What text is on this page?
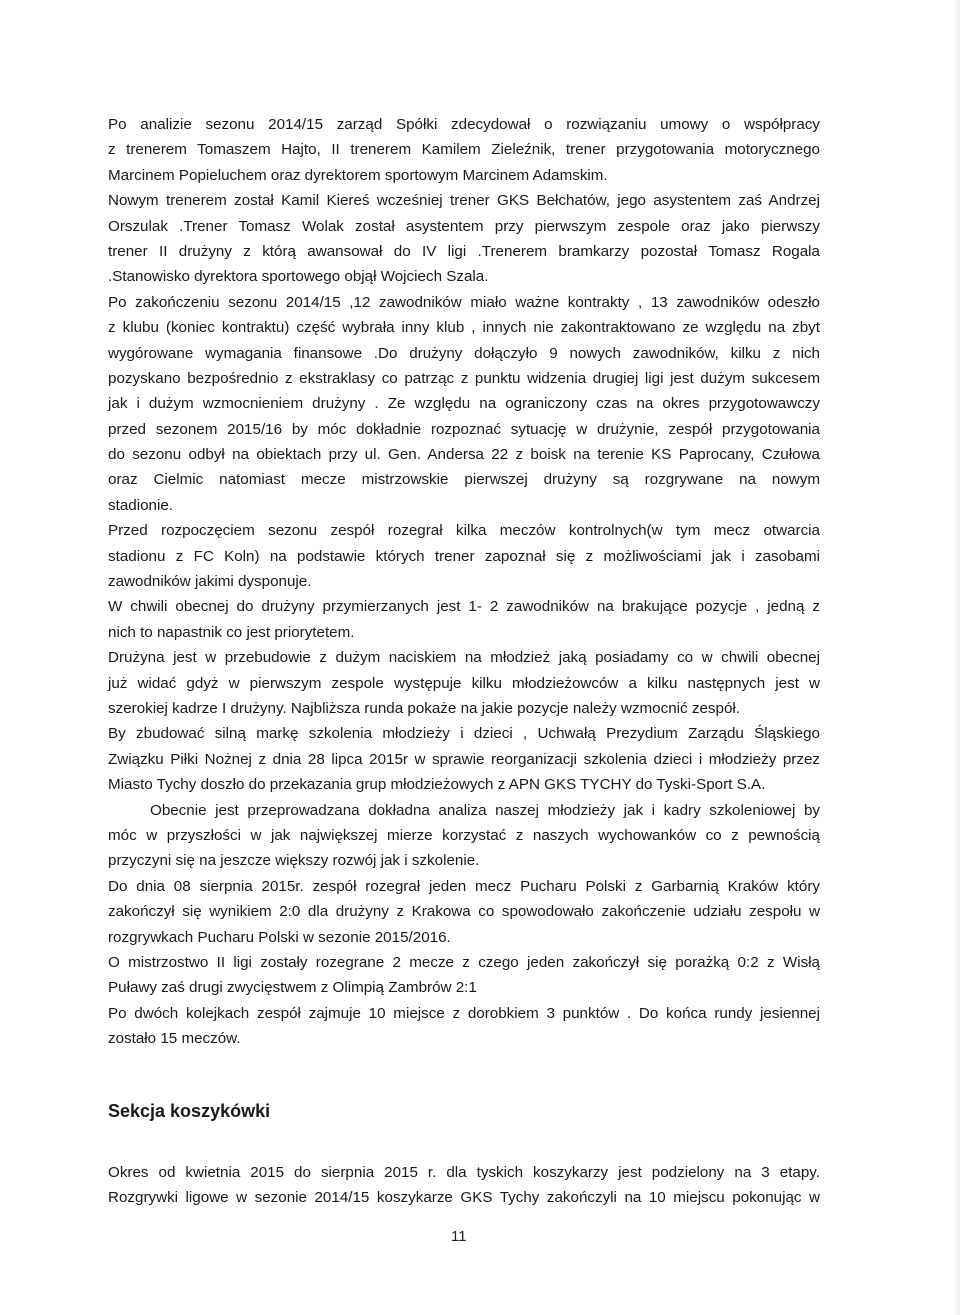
Po analizie sezonu 2014/15 zarząd Spółki zdecydował o rozwiązaniu umowy o współpracy
z trenerem Tomaszem Hajto, II trenerem Kamilem Zieleźnik, trener przygotowania motorycznego
Marcinem Popieluchem oraz dyrektorem sportowym Marcinem Adamskim.
Nowym trenerem został Kamil Kiereś wcześniej trener GKS Bełchatów, jego asystentem zaś Andrzej
Orszulak .Trener Tomasz Wolak został asystentem przy pierwszym zespole oraz jako pierwszy
trener II drużyny z którą awansował do IV ligi .Trenerem bramkarzy pozostał Tomasz Rogala
.Stanowisko dyrektora sportowego objął Wojciech Szala.
Po zakończeniu sezonu 2014/15 ,12 zawodników miało ważne kontrakty , 13 zawodników odeszło
z klubu (koniec kontraktu) część wybrała inny klub , innych nie zakontraktowano ze względu na zbyt
wygórowane wymagania finansowe .Do drużyny dołączyło 9 nowych zawodników, kilku z nich
pozyskano bezpośrednio z ekstraklasy co patrząc z punktu widzenia drugiej ligi jest dużym sukcesem
jak i dużym wzmocnieniem drużyny . Ze względu na ograniczony czas na okres przygotowawczy
przed sezonem 2015/16 by móc dokładnie rozpoznać sytuację w drużynie, zespół przygotowania
do sezonu odbył na obiektach przy ul. Gen. Andersa 22 z boisk na terenie KS Paprocany, Czułowa
oraz Cielmic natomiast mecze mistrzowskie pierwszej drużyny są rozgrywane na nowym
stadionie.
Przed rozpoczęciem sezonu zespół rozegrał kilka meczów kontrolnych(w tym mecz otwarcia
stadionu z FC Koln) na podstawie których trener zapoznał się z możliwościami jak i zasobami
zawodników jakimi dysponuje.
W chwili obecnej do drużyny przymierzanych jest 1- 2 zawodników na brakujące pozycje , jedną z
nich to napastnik co jest priorytetem.
Drużyna jest w przebudowie z dużym naciskiem na młodzież jaką posiadamy co w chwili obecnej
już widać gdyż w pierwszym zespole występuje kilku młodzieżowców a kilku następnych jest w
szerokiej kadrze I drużyny. Najbliższa runda pokaże na jakie pozycje należy wzmocnić zespół.
By zbudować silną markę szkolenia młodzieży i dzieci , Uchwałą Prezydium Zarządu Śląskiego
Związku Piłki Nożnej z dnia 28 lipca 2015r w sprawie reorganizacji szkolenia dzieci i młodzieży przez
Miasto Tychy doszło do przekazania grup młodzieżowych z APN GKS TYCHY do Tyski-Sport S.A.
Obecnie jest przeprowadzana dokładna analiza naszej młodzieży jak i kadry szkoleniowej by
móc w przyszłości w jak największej mierze korzystać z naszych wychowanków co z pewnością
przyczyni się na jeszcze większy rozwój jak i szkolenie.
Do dnia 08 sierpnia 2015r. zespół rozegrał jeden mecz Pucharu Polski z Garbarnią Kraków który
zakończył się wynikiem 2:0 dla drużyny z Krakowa co spowodowało zakończenie udziału zespołu w
rozgrywkach Pucharu Polski w sezonie 2015/2016.
O mistrzostwo II ligi zostały rozegrane 2 mecze z czego jeden zakończył się porażką 0:2 z Wisłą
Puławy zaś drugi zwycięstwem z Olimpią Zambrów 2:1
Po dwóch kolejkach zespół zajmuje 10 miejsce z dorobkiem 3 punktów . Do końca rundy jesiennej
zostało 15 meczów.
Sekcja koszykówki
Okres od kwietnia 2015 do sierpnia 2015 r. dla tyskich koszykarzy jest podzielony na 3 etapy.
Rozgrywki ligowe w sezonie 2014/15 koszykarze GKS Tychy zakończyli na 10 miejscu pokonując w
11
